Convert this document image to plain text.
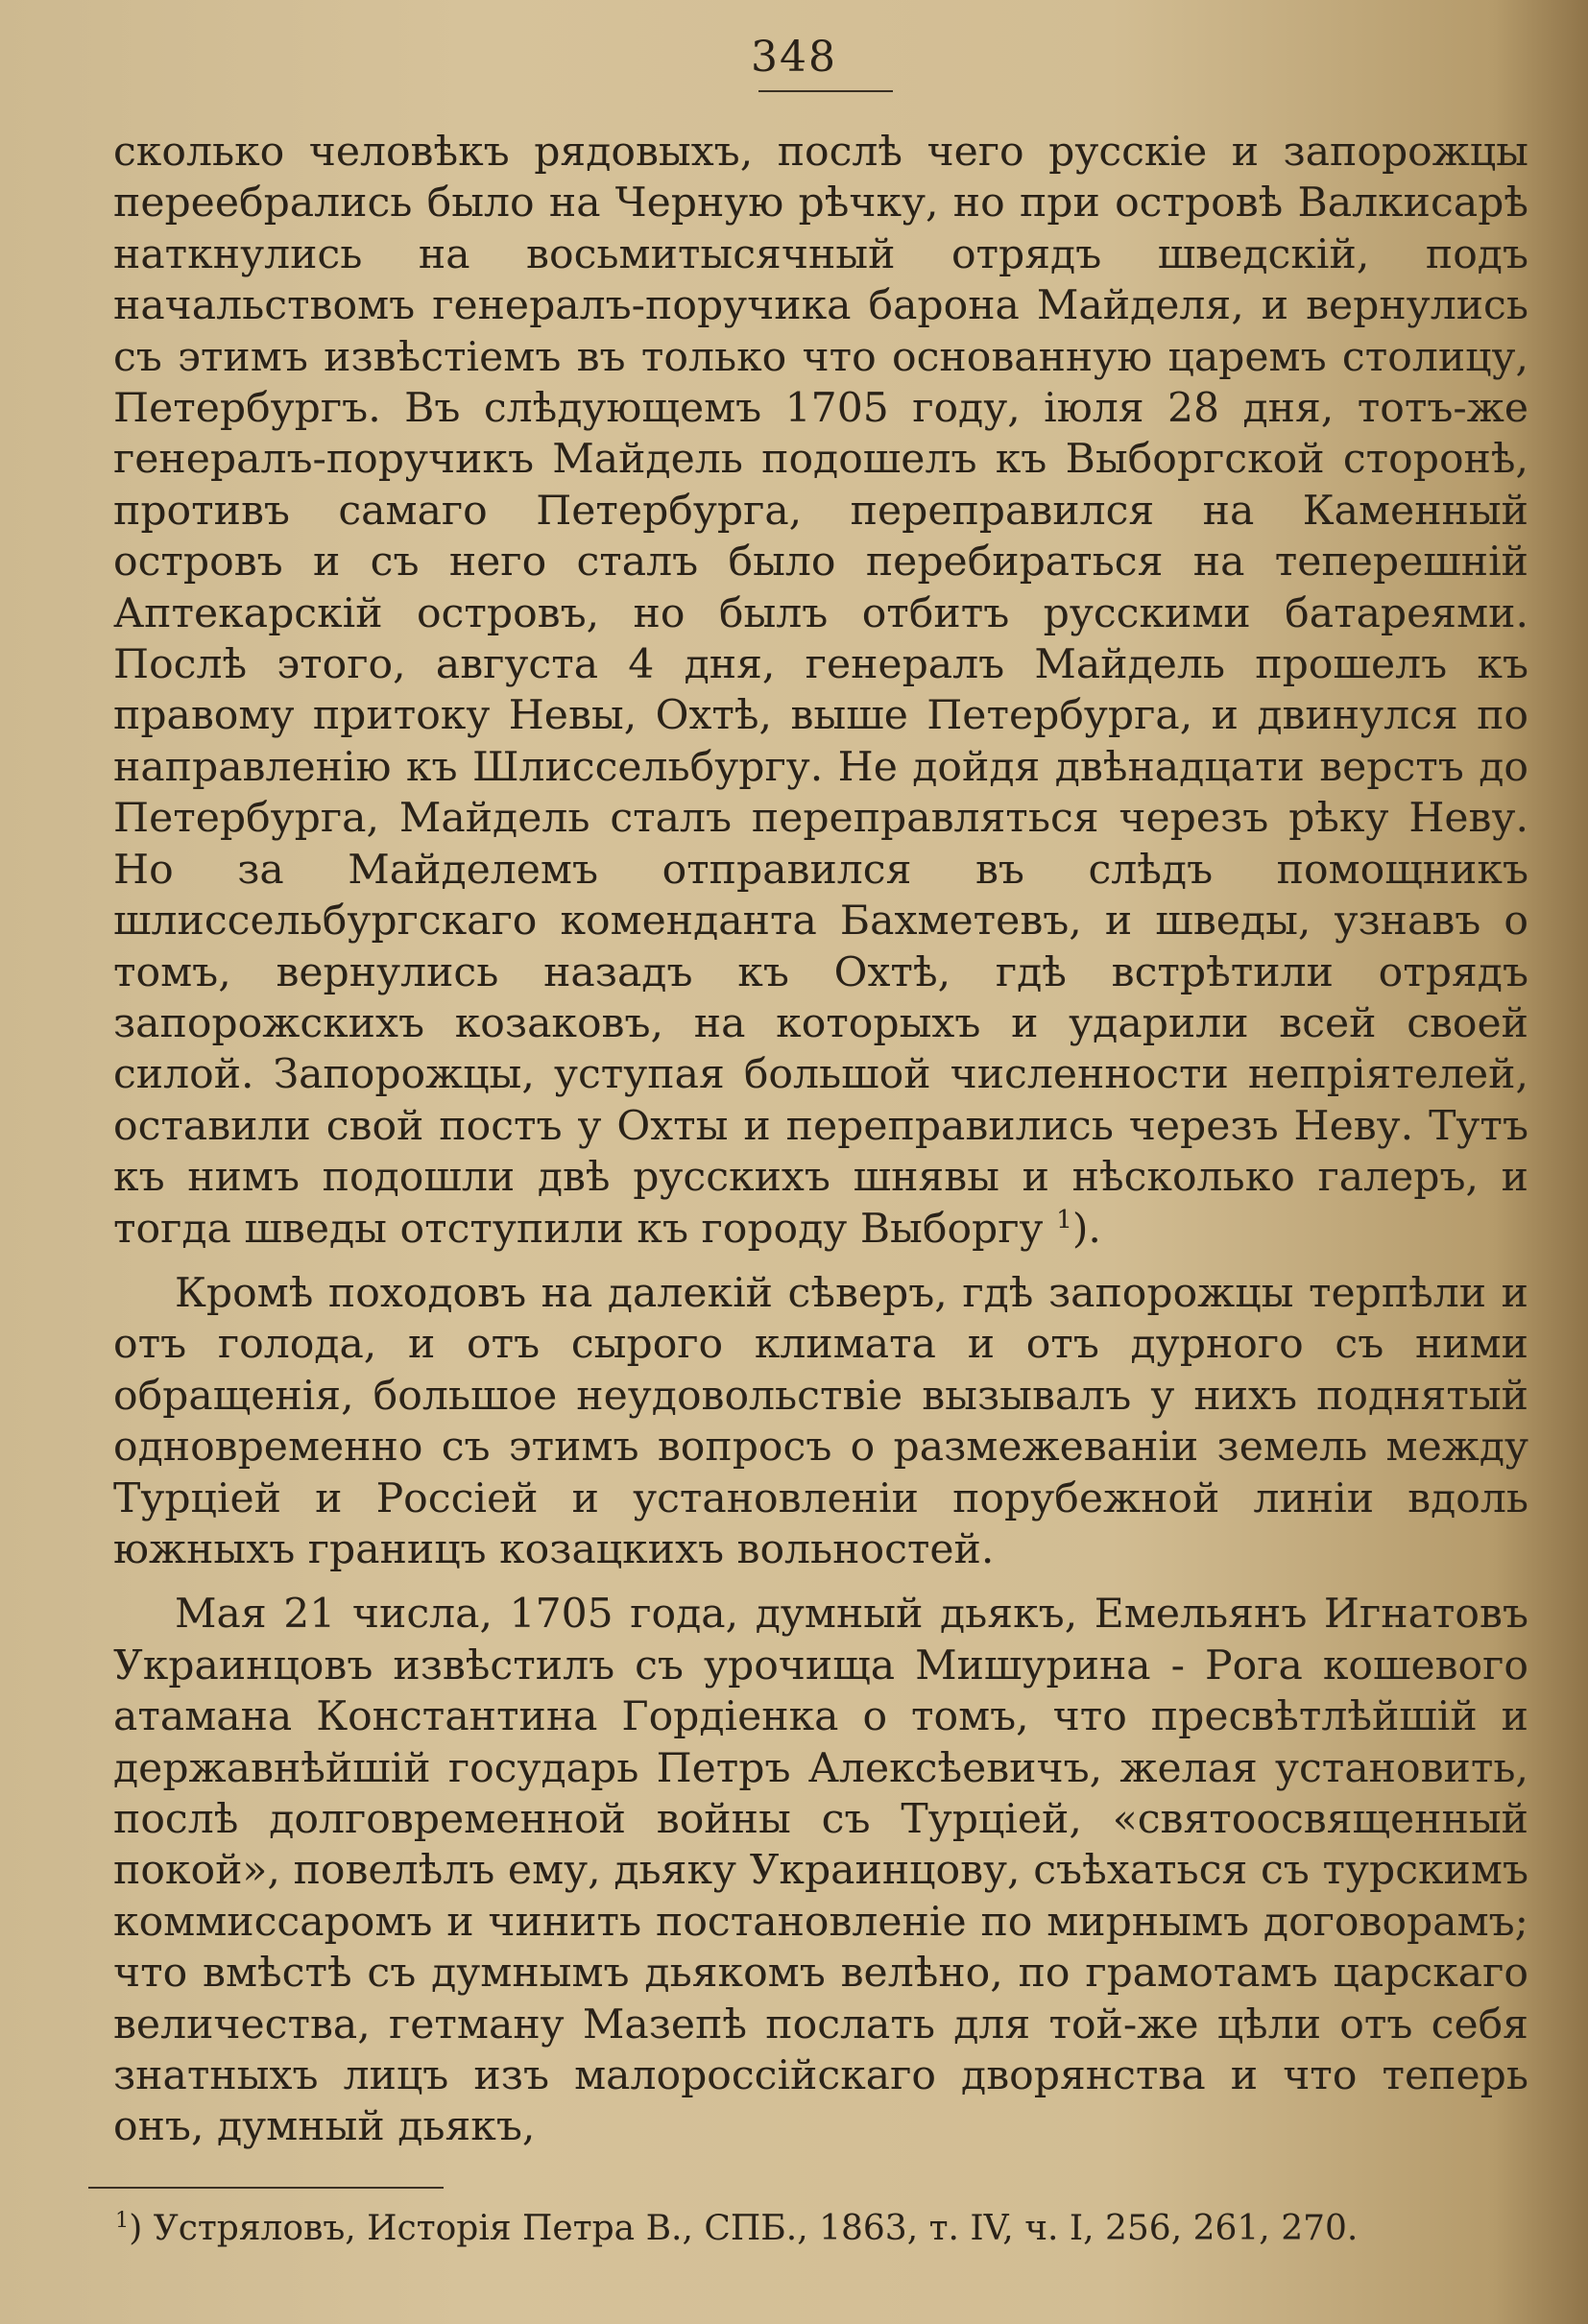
348

сколько человѣкъ рядовыхъ, послѣ чего русскіе и запорожцы переебрались было на Черную рѣчку, но при островѣ Валкисарѣ наткнулись на восьмитысячный отрядъ шведскій, подъ начальствомъ генералъ-поручика барона Майделя, и вернулись съ этимъ извѣстіемъ въ только что основанную царемъ столицу, Петербургъ. Въ слѣдующемъ 1705 году, іюля 28 дня, тотъ-же генералъ-поручикъ Майдель подошелъ къ Выборгской сторонѣ, противъ самаго Петербурга, переправился на Каменный островъ и съ него сталъ было перебираться на теперешній Аптекарскій островъ, но былъ отбитъ русскими батареями. Послѣ этого, августа 4 дня, генералъ Майдель прошелъ къ правому притоку Невы, Охтѣ, выше Петербурга, и двинулся по направленію къ Шлиссельбургу. Не дойдя двѣнадцати верстъ до Петербурга, Майдель сталъ переправляться черезъ рѣку Неву. Но за Майделемъ отправился въ слѣдъ помощникъ шлиссельбургскаго коменданта Бахметевъ, и шведы, узнавъ о томъ, вернулись назадъ къ Охтѣ, гдѣ встрѣтили отрядъ запорожскихъ козаковъ, на которыхъ и ударили всей своей силой. Запорожцы, уступая большой численности непріятелей, оставили свой постъ у Охты и переправились черезъ Неву. Тутъ къ нимъ подошли двѣ русскихъ шнявы и нѣсколько галеръ, и тогда шведы отступили къ городу Выборгу $^1$).

Кромѣ походовъ на далекій сѣверъ, гдѣ запорожцы терпѣли и отъ голода, и отъ сырого климата и отъ дурного съ ними обращенія, большое неудовольствіе вызывалъ у нихъ поднятый одновременно съ этимъ вопросъ о размежеваніи земель между Турціей и Россіей и установленіи порубежной линіи вдоль южныхъ границъ козацкихъ вольностей.

Мая 21 числа, 1705 года, думный дьякъ, Емельянъ Игнатовъ Украинцовъ извѣстилъ съ урочища Мишурина - Рога кошевого атамана Константина Гордіенка о томъ, что пресвѣтлѣйшій и державнѣйшій государь Петръ Алексѣевичъ, желая установить, послѣ долговременной войны съ Турціей, «святоосвященный покой», повелѣлъ ему, дьяку Украинцову, съѣхаться съ турскимъ коммиссаромъ и чинить постановленіе по мирнымъ договорамъ; что вмѣстѣ съ думнымъ дьякомъ велѣно, по грамотамъ царскаго величества, гетману Мазепѣ послать для той-же цѣли отъ себя знатныхъ лицъ изъ малороссійскаго дворянства и что теперь онъ, думный дьякъ,

$^1$) Устряловъ, Исторія Петра В., СПБ., 1863, т. IV, ч. I, 256, 261, 270.
